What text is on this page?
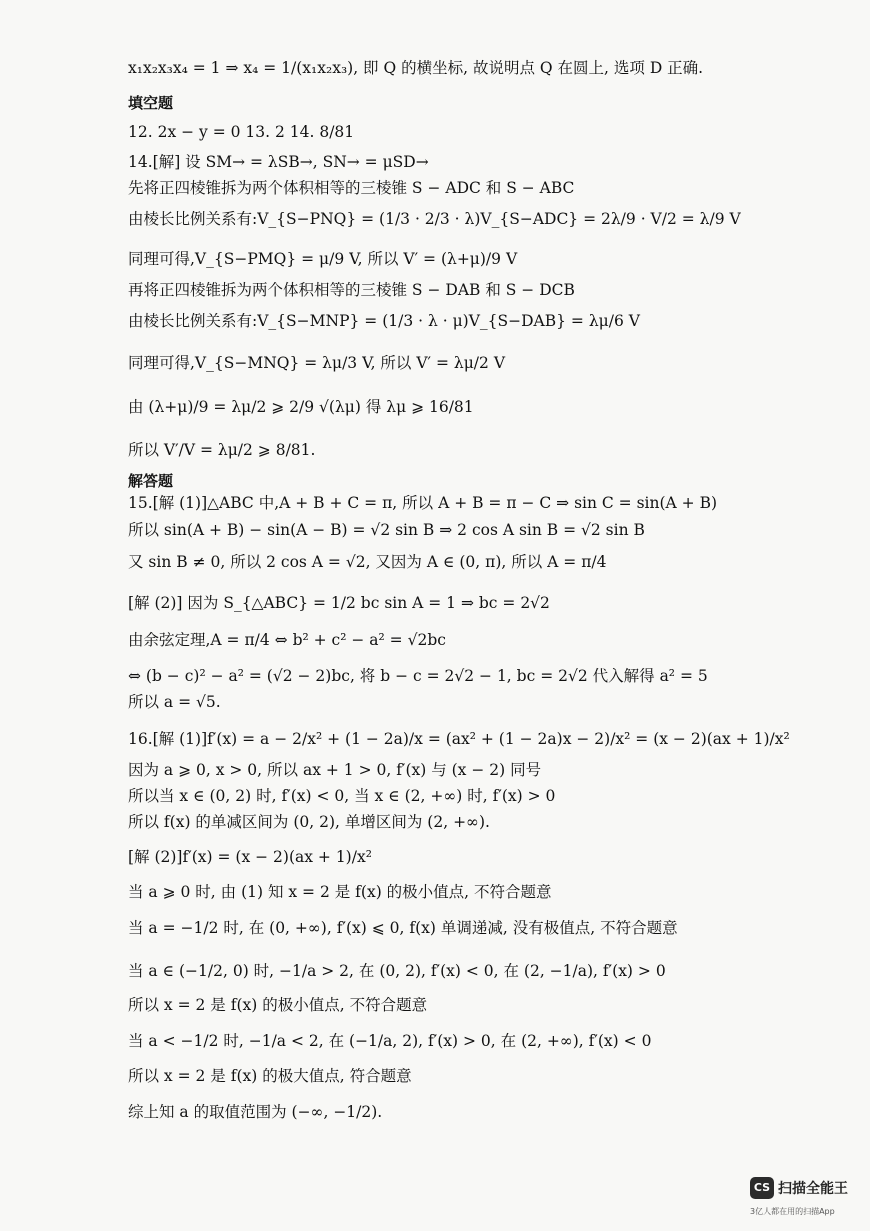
x₁x₂x₃x₄ = 1 ⇒ x₄ = 1/(x₁x₂x₃), 即 Q 的横坐标, 故说明点 Q 在圆上, 选项 D 正确.
填空题
12. 2x − y = 0 13. 2 14. 8/81
14.[解] 设 SM→ = λSB→, SN→ = μSD→
先将正四棱锥拆为两个体积相等的三棱锥 S − ADC 和 S − ABC
由棱长比例关系有:V_{S−PNQ} = (1/3 · 2/3 · λ)V_{S−ADC} = 2λ/9 · V/2 = λ/9 V
同理可得,V_{S−PMQ} = μ/9 V, 所以 V′ = (λ+μ)/9 V
再将正四棱锥拆为两个体积相等的三棱锥 S − DAB 和 S − DCB
由棱长比例关系有:V_{S−MNP} = (1/3 · λ · μ)V_{S−DAB} = λμ/6 V
同理可得,V_{S−MNQ} = λμ/3 V, 所以 V′ = λμ/2 V
由 (λ+μ)/9 = λμ/2 ⩾ 2/9 √(λμ) 得 λμ ⩾ 16/81
所以 V′/V = λμ/2 ⩾ 8/81.
解答题
15.[解 (1)]△ABC 中,A + B + C = π, 所以 A + B = π − C ⇒ sin C = sin(A + B)
所以 sin(A + B) − sin(A − B) = √2 sin B ⇒ 2 cos A sin B = √2 sin B
又 sin B ≠ 0, 所以 2 cos A = √2, 又因为 A ∈ (0, π), 所以 A = π/4
[解 (2)] 因为 S_{△ABC} = 1/2 bc sin A = 1 ⇒ bc = 2√2
由余弦定理,A = π/4 ⇔ b² + c² − a² = √2bc
⇔ (b − c)² − a² = (√2 − 2)bc, 将 b − c = 2√2 − 1, bc = 2√2 代入解得 a² = 5
所以 a = √5.
16.[解 (1)]f′(x) = a − 2/x² + (1 − 2a)/x = (ax² + (1 − 2a)x − 2)/x² = (x − 2)(ax + 1)/x²
因为 a ⩾ 0, x > 0, 所以 ax + 1 > 0, f′(x) 与 (x − 2) 同号
所以当 x ∈ (0, 2) 时, f′(x) < 0, 当 x ∈ (2, +∞) 时, f′(x) > 0
所以 f(x) 的单减区间为 (0, 2), 单增区间为 (2, +∞).
[解 (2)]f′(x) = (x − 2)(ax + 1)/x²
当 a ⩾ 0 时, 由 (1) 知 x = 2 是 f(x) 的极小值点, 不符合题意
当 a = −1/2 时, 在 (0, +∞), f′(x) ⩽ 0, f(x) 单调递减, 没有极值点, 不符合题意
当 a ∈ (−1/2, 0) 时, −1/a > 2, 在 (0, 2), f′(x) < 0, 在 (2, −1/a), f′(x) > 0
所以 x = 2 是 f(x) 的极小值点, 不符合题意
当 a < −1/2 时, −1/a < 2, 在 (−1/a, 2), f′(x) > 0, 在 (2, +∞), f′(x) < 0
所以 x = 2 是 f(x) 的极大值点, 符合题意
综上知 a 的取值范围为 (−∞, −1/2).
CS 扫描全能王
3亿人都在用的扫描App
